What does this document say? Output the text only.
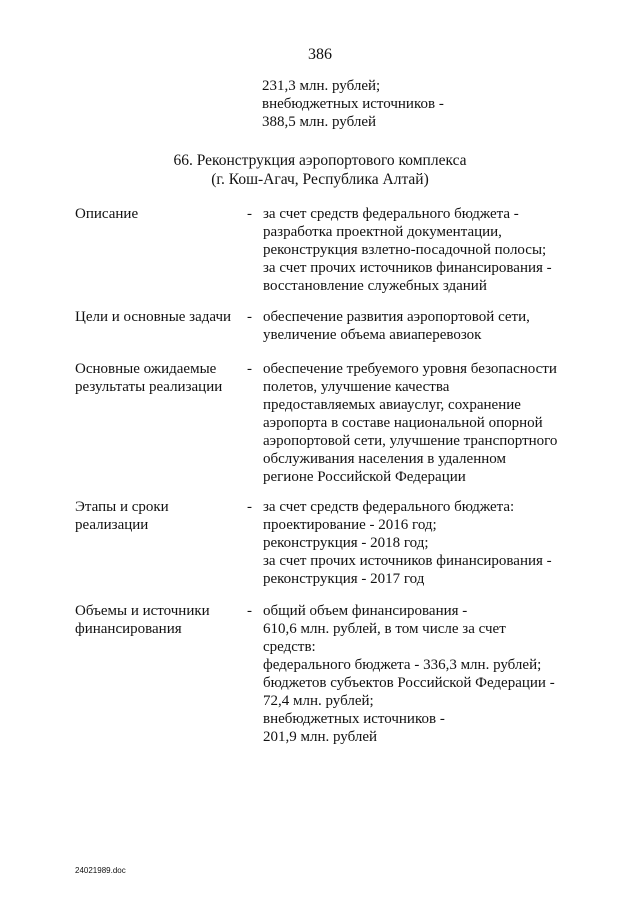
386
231,3 млн. рублей;
внебюджетных источников -
388,5 млн. рублей
66. Реконструкция аэропортового комплекса
(г. Кош-Агач, Республика Алтай)
Описание	- за счет средств федерального бюджета -
разработка проектной документации,
реконструкция взлетно-посадочной полосы;
за счет прочих источников финансирования -
восстановление служебных зданий
Цели и основные задачи	- обеспечение развития аэропортовой сети,
увеличение объема авиаперевозок
Основные ожидаемые
результаты реализации
- обеспечение требуемого уровня безопасности
полетов, улучшение качества
предоставляемых авиауслуг, сохранение
аэропорта в составе национальной опорной
аэропортовой сети, улучшение транспортного
обслуживания населения в удаленном
регионе Российской Федерации
Этапы и сроки
реализации
- за счет средств федерального бюджета:
проектирование - 2016 год;
реконструкция - 2018 год;
за счет прочих источников финансирования -
реконструкция - 2017 год
Объемы и источники
финансирования
- общий объем финансирования -
610,6 млн. рублей, в том числе за счет
средств:
федерального бюджета - 336,3 млн. рублей;
бюджетов субъектов Российской Федерации -
72,4 млн. рублей;
внебюджетных источников -
201,9 млн. рублей
24021989.doc
